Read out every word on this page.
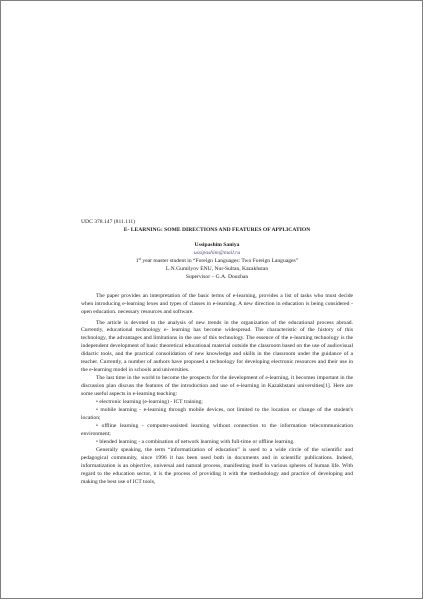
UDC 378.147 (811.111)

E- LEARNING: SOME DIRECTIONS AND FEATURES OF APPLICATION

Ussipashim Saniya

ussipashim@mail.ru

1st year master student in “Foreign Languages: Two Foreign Languages”

L.N.Gumilyov ENU, Nur-Sultan, Kazakhstan

Supervisor – G.A. Douzhan

The paper provides an interpretation of the basic terms of e-learning, provides a list of tasks who must decide when introducing e-learning lexes and types of classes in e-learning. A new direction in education is being considered - open education. necessary resources and software.

The article is devoted to the analysis of new trends in the organization of the educational process abroad. Currently, educational technology e- learning has become widespread. The characteristic of the history of this technology, the advantages and limitations in the use of this technology. The essence of the e-learning technology is the independent development of basic theoretical educational material outside the classroom based on the use of audiovisual didactic tools, and the practical consolidation of new knowledge and skills in the classroom under the guidance of a teacher. Currently, a number of authors have proposed a technology for developing electronic resources and their use in the e-learning model in schools and universities.

The last time in the world to become the prospects for the development of e-learning, it becomes important in the discussion plan discuss the features of the introduction and use of e-learning in Kazakhstani universities[1]. Here are some useful aspects in e-learning teaching:

• electronic learning (e-learning) - ICT training;

• mobile learning - e-learning through mobile devices, not limited to the location or change of the student's location;

• offline learning - computer-assisted learning without connection to the information telecommunication environment;

• blended learning - a combination of network learning with full-time or offline learning.

Generally speaking, the term “informatization of education” is used to a wide circle of the scientific and pedagogical community, since 1996 it has been used both in documents and in scientific publications. Indeed, informatization is an objective, universal and natural process, manifesting itself in various spheres of human life. With regard to the education sector, it is the process of providing it with the methodology and practice of developing and making the best use of ICT tools,
